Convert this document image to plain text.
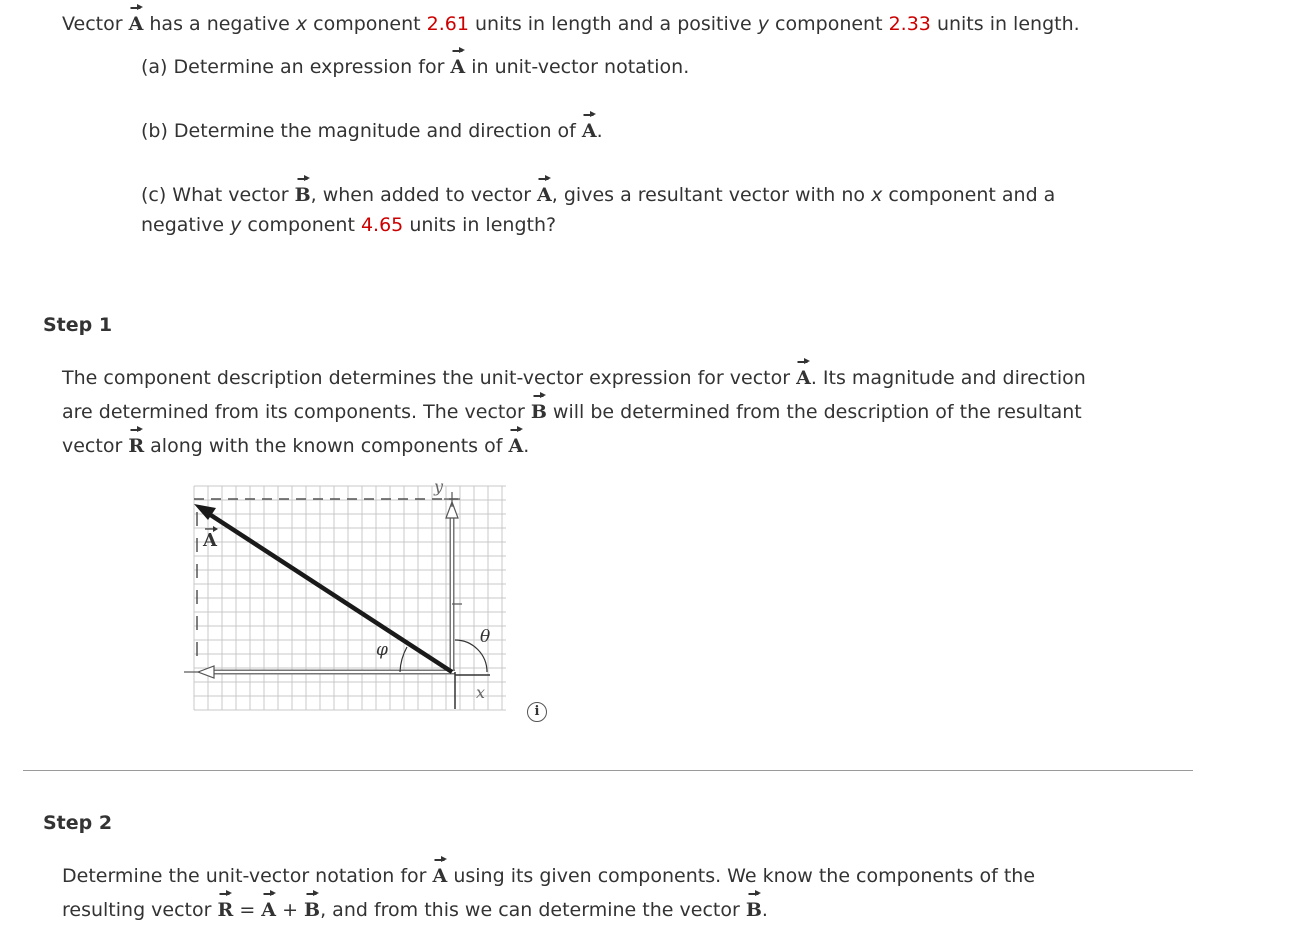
Vector A has a negative x component 2.61 units in length and a positive y component 2.33 units in length.
(a) Determine an expression for A in unit-vector notation.
(b) Determine the magnitude and direction of A.
(c) What vector B, when added to vector A, gives a resultant vector with no x component and a
negative y component 4.65 units in length?
Step 1
The component description determines the unit-vector expression for vector A. Its magnitude and direction
are determined from its components. The vector B will be determined from the description of the resultant
vector R along with the known components of A.
A
y
x
θ
φ
i
Step 2
Determine the unit-vector notation for A using its given components. We know the components of the
resulting vector R = A + B, and from this we can determine the vector B.
